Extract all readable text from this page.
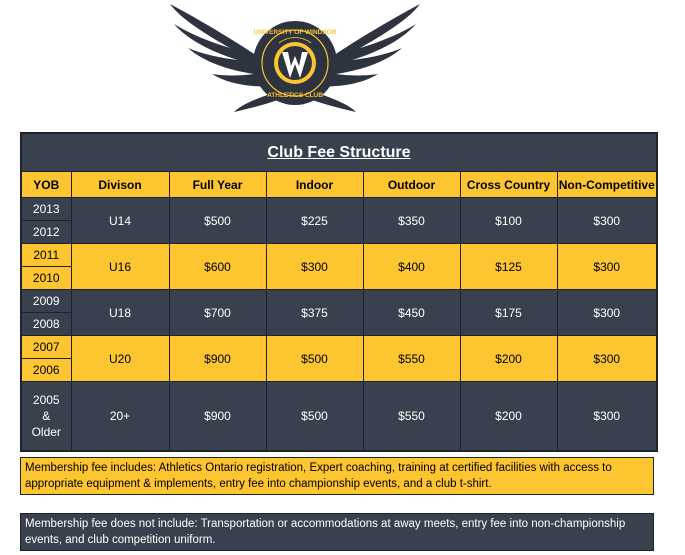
UNIVERSITY OF WINDSOR
ATHLETICS CLUB
Club Fee Structure						
YOB	Divison	Full Year	Indoor	Outdoor	Cross Country	Non-Competitive
2013	U14	$500	$225	$350	$100	$300
2012						
2011	U16	$600	$300	$400	$125	$300
2010						
2009	U18	$700	$375	$450	$175	$300
2008						
2007	U20	$900	$500	$550	$200	$300
2006						
2005
&
Older	20+	$900	$500	$550	$200	$300
Membership fee includes: Athletics Ontario registration, Expert coaching, training at certified facilities with access to appropriate equipment & implements, entry fee into championship events, and a club t-shirt.
Membership fee does not include: Transportation or accommodations at away meets, entry fee into non-championship events, and club competition uniform.
